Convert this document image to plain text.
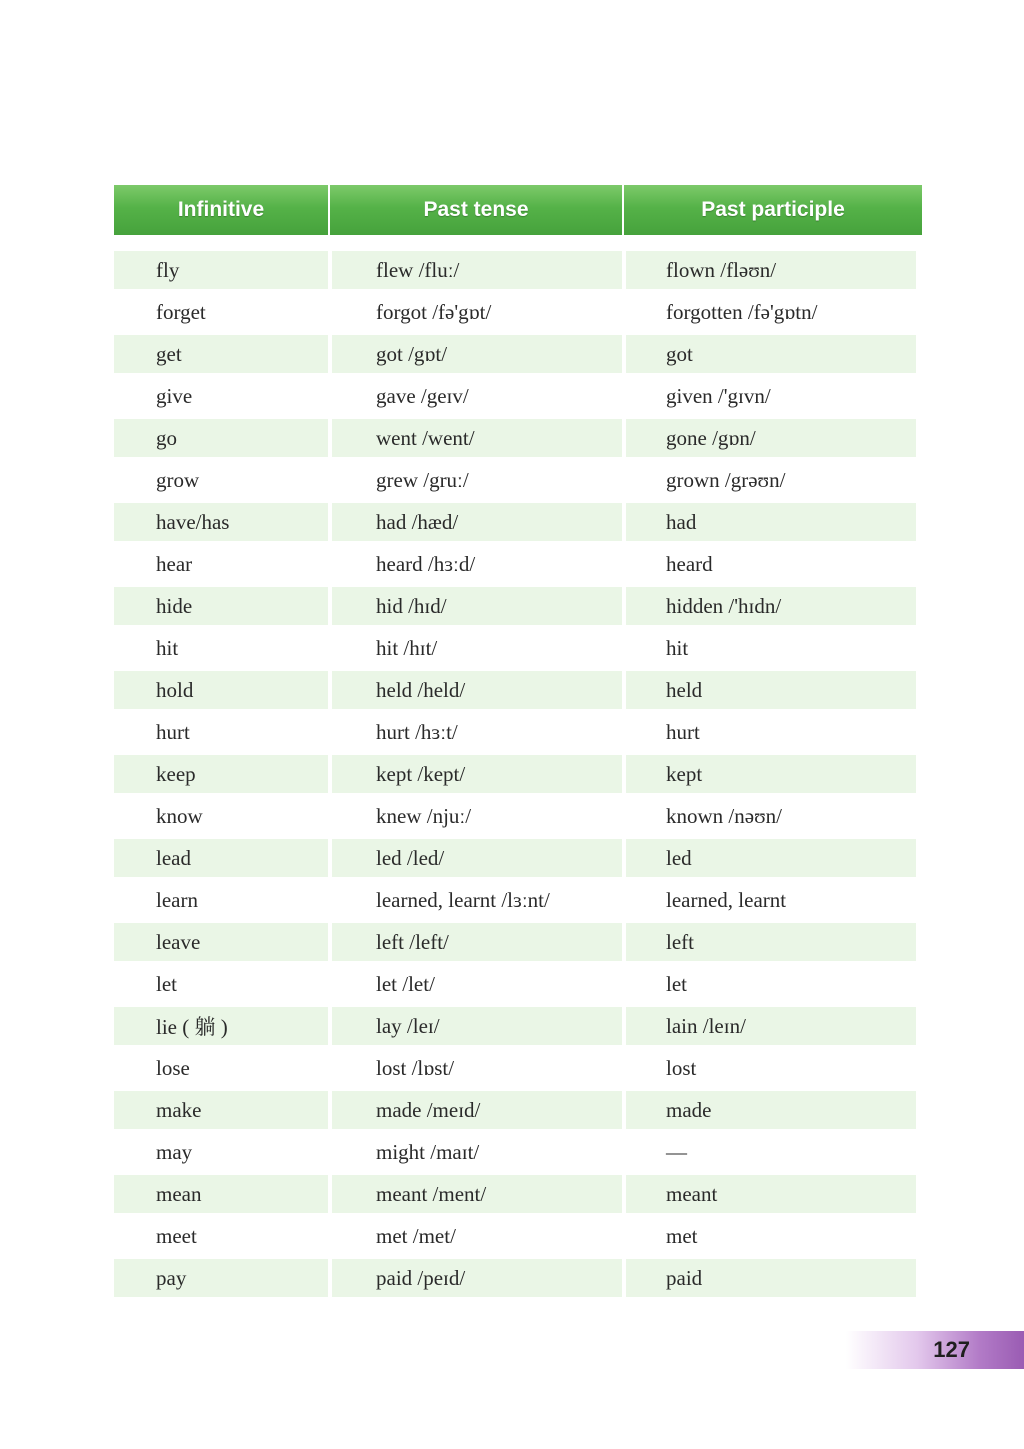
Infinitive	Past tense	Past participle
fly	flew /fluː/	flown /fləʊn/
forget	forgot /fə'gɒt/	forgotten /fə'gɒtn/
get	got /gɒt/	got
give	gave /geɪv/	given /'gɪvn/
go	went /went/	gone /gɒn/
grow	grew /gruː/	grown /grəʊn/
have/has	had /hæd/	had
hear	heard /hɜːd/	heard
hide	hid /hɪd/	hidden /'hɪdn/
hit	hit /hɪt/	hit
hold	held /held/	held
hurt	hurt /hɜːt/	hurt
keep	kept /kept/	kept
know	knew /njuː/	known /nəʊn/
lead	led /led/	led
learn	learned, learnt /lɜːnt/	learned, learnt
leave	left /left/	left
let	let /let/	let
lie ( 躺 )	lay /leɪ/	lain /leɪn/
lose	lost /lɒst/	lost
make	made /meɪd/	made
may	might /maɪt/	—
mean	meant /ment/	meant
meet	met /met/	met
pay	paid /peɪd/	paid
127
